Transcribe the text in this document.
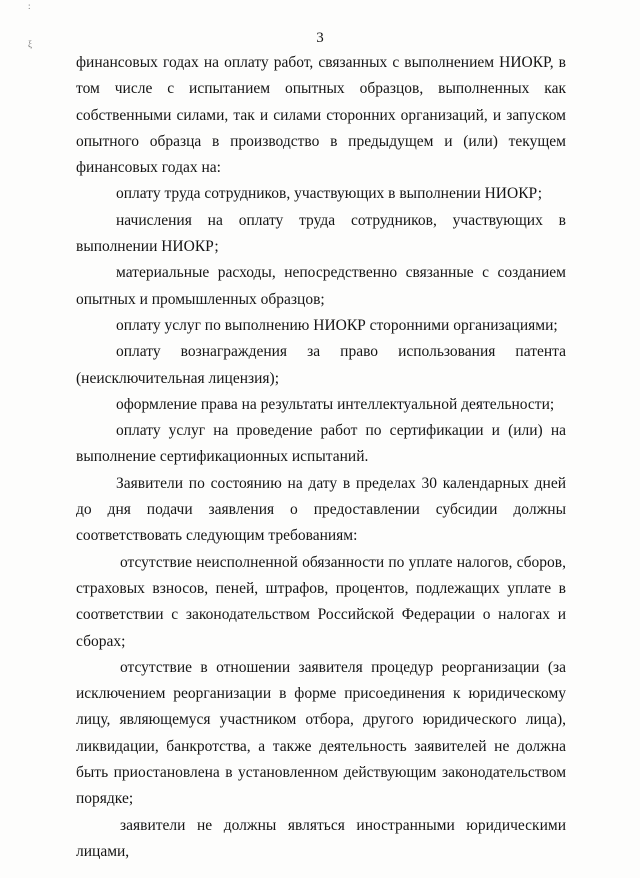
:
ξ	3

финансовых годах на оплату работ, связанных с выполнением НИОКР, в том числе с испытанием опытных образцов, выполненных как собственными силами, так и силами сторонних организаций, и запуском опытного образца в производство в предыдущем и (или) текущем финансовых годах на:

оплату труда сотрудников, участвующих в выполнении НИОКР;

начисления на оплату труда сотрудников, участвующих в выполнении НИОКР;

материальные расходы, непосредственно связанные с созданием опытных и промышленных образцов;

оплату услуг по выполнению НИОКР сторонними организациями;

оплату вознаграждения за право использования патента (неисключительная лицензия);

оформление права на результаты интеллектуальной деятельности;

оплату услуг на проведение работ по сертификации и (или) на выполнение сертификационных испытаний.

Заявители по состоянию на дату в пределах 30 календарных дней до дня подачи заявления о предоставлении субсидии должны соответствовать следующим требованиям:

отсутствие неисполненной обязанности по уплате налогов, сборов, страховых взносов, пеней, штрафов, процентов, подлежащих уплате в соответствии с законодательством Российской Федерации о налогах и сборах;

отсутствие в отношении заявителя процедур реорганизации (за исключением реорганизации в форме присоединения к юридическому лицу, являющемуся участником отбора, другого юридического лица), ликвидации, банкротства, а также деятельность заявителей не должна быть приостановлена в установленном действующим законодательством порядке;

заявители не должны являться иностранными юридическими лицами,
